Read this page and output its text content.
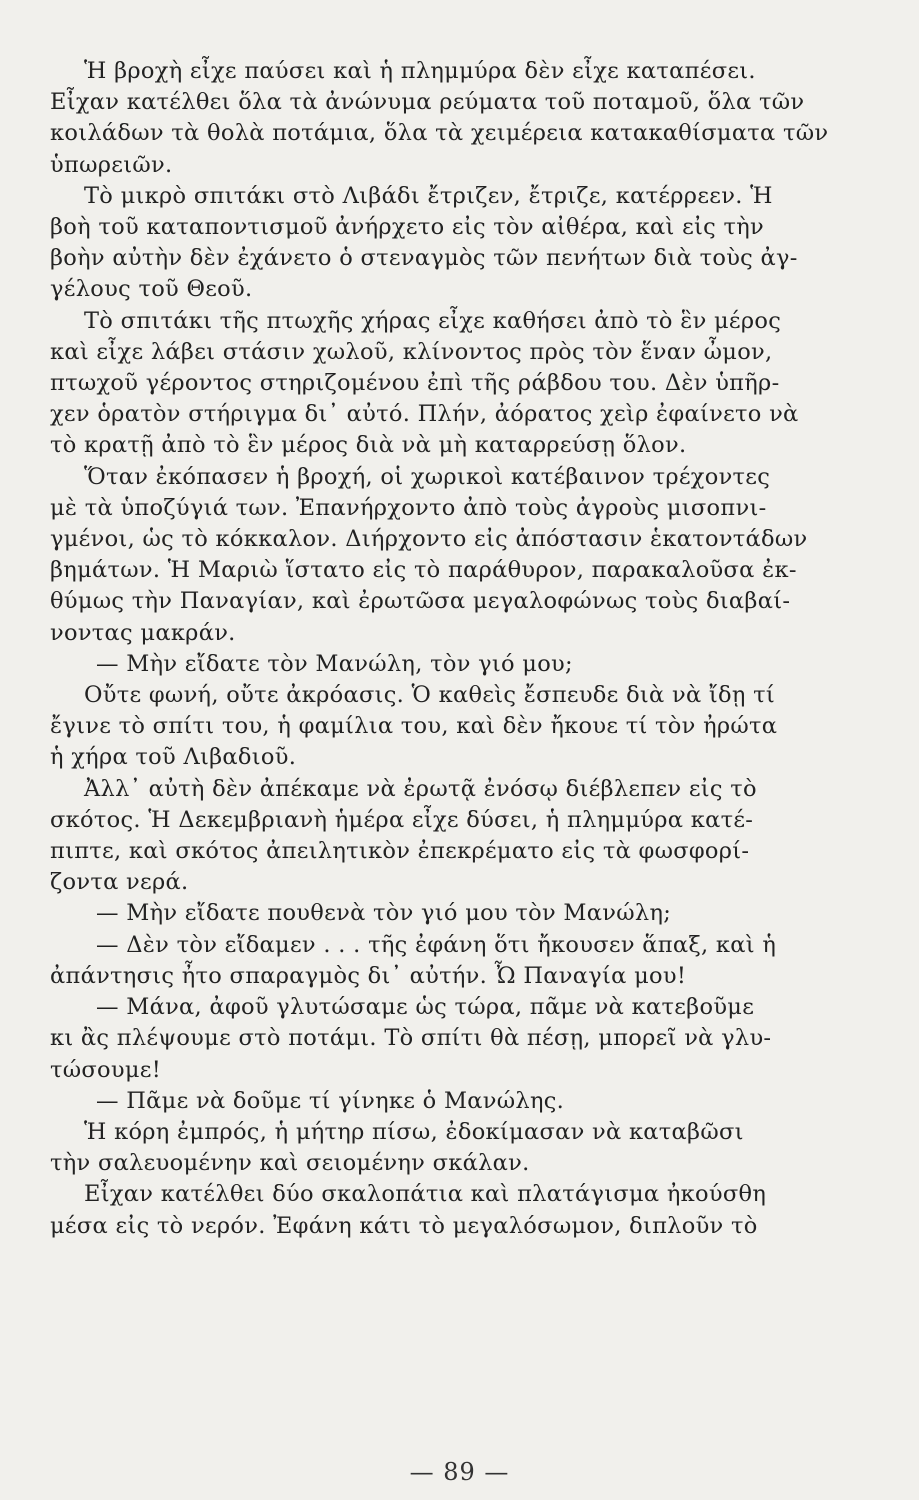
Ἡ βροχὴ εἶχε παύσει καὶ ἡ πλημμύρα δὲν εἶχε καταπέσει.
Εἶχαν κατέλθει ὅλα τὰ ἀνώνυμα ρεύματα τοῦ ποταμοῦ, ὅλα τῶν
κοιλάδων τὰ θολὰ ποτάμια, ὅλα τὰ χειμέρεια κατακαθίσματα τῶν
ὑπωρειῶν.

Τὸ μικρὸ σπιτάκι στὸ Λιβάδι ἔτριζεν, ἔτριζε, κατέρρεεν. Ἡ
βοὴ τοῦ καταποντισμοῦ ἀνήρχετο εἰς τὸν αἰθέρα, καὶ εἰς τὴν
βοὴν αὐτὴν δὲν ἐχάνετο ὁ στεναγμὸς τῶν πενήτων διὰ τοὺς ἀγ-
γέλους τοῦ Θεοῦ.

Τὸ σπιτάκι τῆς πτωχῆς χήρας εἶχε καθήσει ἀπὸ τὸ ἓν μέρος
καὶ εἶχε λάβει στάσιν χωλοῦ, κλίνοντος πρὸς τὸν ἕναν ὦμον,
πτωχοῦ γέροντος στηριζομένου ἐπὶ τῆς ράβδου του. Δὲν ὑπῆρ-
χεν ὁρατὸν στήριγμα δι᾽ αὐτό. Πλήν, ἀόρατος χεὶρ ἐφαίνετο νὰ
τὸ κρατῇ ἀπὸ τὸ ἓν μέρος διὰ νὰ μὴ καταρρεύσῃ ὅλον.

Ὅταν ἐκόπασεν ἡ βροχή, οἱ χωρικοὶ κατέβαινον τρέχοντες
μὲ τὰ ὑποζύγιά των. Ἐπανήρχοντο ἀπὸ τοὺς ἀγροὺς μισοπνι-
γμένοι, ὡς τὸ κόκκαλον. Διήρχοντο εἰς ἀπόστασιν ἑκατοντάδων
βημάτων. Ἡ Μαριὼ ἵστατο εἰς τὸ παράθυρον, παρακαλοῦσα ἐκ-
θύμως τὴν Παναγίαν, καὶ ἐρωτῶσα μεγαλοφώνως τοὺς διαβαί-
νοντας μακράν.

— Μὴν εἴδατε τὸν Μανώλη, τὸν γιό μου;

Οὔτε φωνή, οὔτε ἀκρόασις. Ὁ καθεὶς ἔσπευδε διὰ νὰ ἴδῃ τί
ἔγινε τὸ σπίτι του, ἡ φαμίλια του, καὶ δὲν ἤκουε τί τὸν ἠρώτα
ἡ χήρα τοῦ Λιβαδιοῦ.

Ἀλλ᾽ αὐτὴ δὲν ἀπέκαμε νὰ ἐρωτᾷ ἐνόσῳ διέβλεπεν εἰς τὸ
σκότος. Ἡ Δεκεμβριανὴ ἡμέρα εἶχε δύσει, ἡ πλημμύρα κατέ-
πιπτε, καὶ σκότος ἀπειλητικὸν ἐπεκρέματο εἰς τὰ φωσφορί-
ζοντα νερά.

— Μὴν εἴδατε πουθενὰ τὸν γιό μου τὸν Μανώλη;

— Δὲν τὸν εἴδαμεν . . . τῆς ἐφάνη ὅτι ἤκουσεν ἅπαξ, καὶ ἡ
ἀπάντησις ἦτο σπαραγμὸς δι᾽ αὐτήν. Ὦ Παναγία μου!

— Μάνα, ἀφοῦ γλυτώσαμε ὡς τώρα, πᾶμε νὰ κατεβοῦμε
κι ἂς πλέψουμε στὸ ποτάμι. Τὸ σπίτι θὰ πέσῃ, μπορεῖ νὰ γλυ-
τώσουμε!

— Πᾶμε νὰ δοῦμε τί γίνηκε ὁ Μανώλης.

Ἡ κόρη ἐμπρός, ἡ μήτηρ πίσω, ἐδοκίμασαν νὰ καταβῶσι
τὴν σαλευομένην καὶ σειομένην σκάλαν.

Εἶχαν κατέλθει δύο σκαλοπάτια καὶ πλατάγισμα ἠκούσθη
μέσα εἰς τὸ νερόν. Ἐφάνη κάτι τὸ μεγαλόσωμον, διπλοῦν τὸ

— 89 —
